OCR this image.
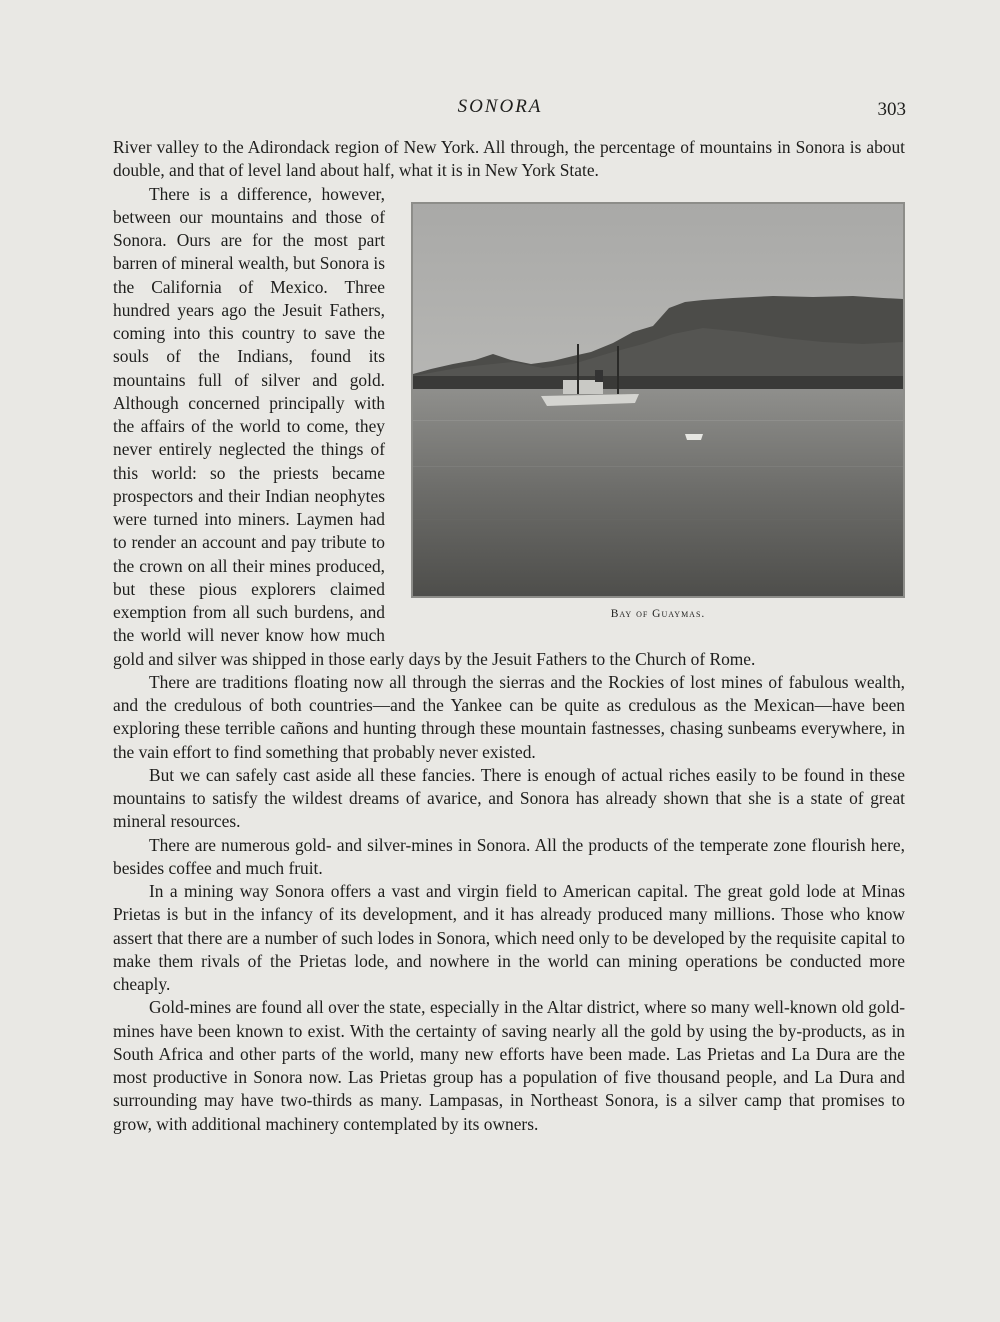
SONORA	303

River valley to the Adirondack region of New York. All through, the percentage of mountains in Sonora is about double, and that of level land about half, what it is in New York State.

Bay of Guaymas.

There is a difference, however, between our mountains and those of Sonora. Ours are for the most part barren of mineral wealth, but Sonora is the California of Mexico. Three hundred years ago the Jesuit Fathers, coming into this country to save the souls of the Indians, found its mountains full of silver and gold. Although concerned principally with the affairs of the world to come, they never entirely neglected the things of this world: so the priests became prospectors and their Indian neophytes were turned into miners. Laymen had to render an account and pay tribute to the crown on all their mines produced, but these pious explorers claimed exemption from all such burdens, and the world will never know how much gold and silver was shipped in those early days by the Jesuit Fathers to the Church of Rome.

There are traditions floating now all through the sierras and the Rockies of lost mines of fabulous wealth, and the credulous of both countries—and the Yankee can be quite as credulous as the Mexican—have been exploring these terrible cañons and hunting through these mountain fastnesses, chasing sunbeams everywhere, in the vain effort to find something that probably never existed.

But we can safely cast aside all these fancies. There is enough of actual riches easily to be found in these mountains to satisfy the wildest dreams of avarice, and Sonora has already shown that she is a state of great mineral resources.

There are numerous gold- and silver-mines in Sonora. All the products of the temperate zone flourish here, besides coffee and much fruit.

In a mining way Sonora offers a vast and virgin field to American capital. The great gold lode at Minas Prietas is but in the infancy of its development, and it has already produced many millions. Those who know assert that there are a number of such lodes in Sonora, which need only to be developed by the requisite capital to make them rivals of the Prietas lode, and nowhere in the world can mining operations be conducted more cheaply.

Gold-mines are found all over the state, especially in the Altar district, where so many well-known old gold-mines have been known to exist. With the certainty of saving nearly all the gold by using the by-products, as in South Africa and other parts of the world, many new efforts have been made. Las Prietas and La Dura are the most productive in Sonora now. Las Prietas group has a population of five thousand people, and La Dura and surrounding may have two-thirds as many. Lampasas, in Northeast Sonora, is a silver camp that promises to grow, with additional machinery contemplated by its owners.
